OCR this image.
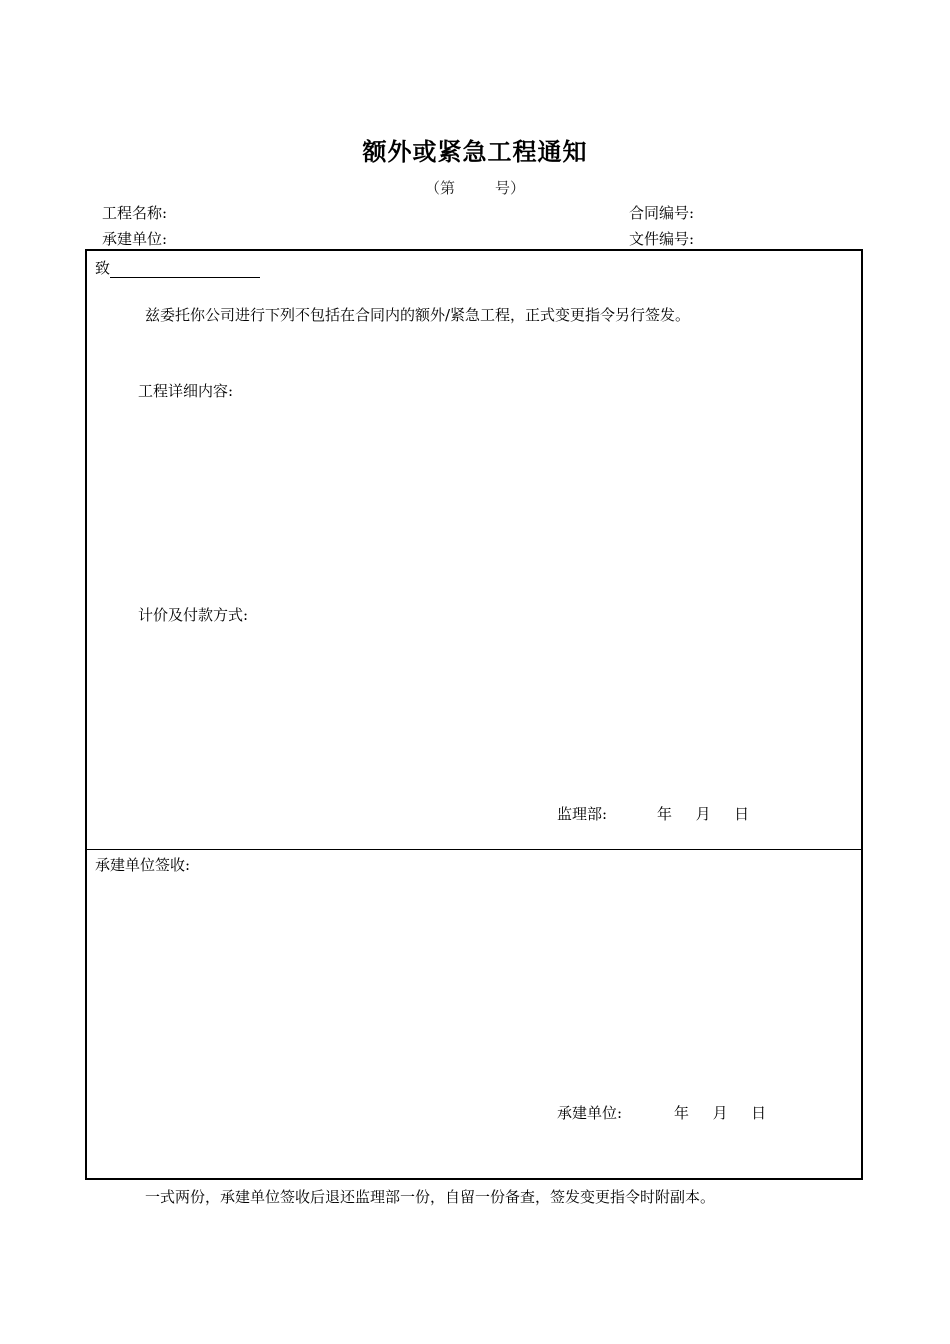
额外或紧急工程通知
（第	号）
工程名称:	合同编号:
承建单位:	文件编号:
致
兹委托你公司进行下列不包括在合同内的额外/紧急工程，正式变更指令另行签发。
工程详细内容:
计价及付款方式:
监理部:	年 月 日
承建单位签收:
承建单位:	年 月 日
一式两份，承建单位签收后退还监理部一份，自留一份备查，签发变更指令时附副本。
